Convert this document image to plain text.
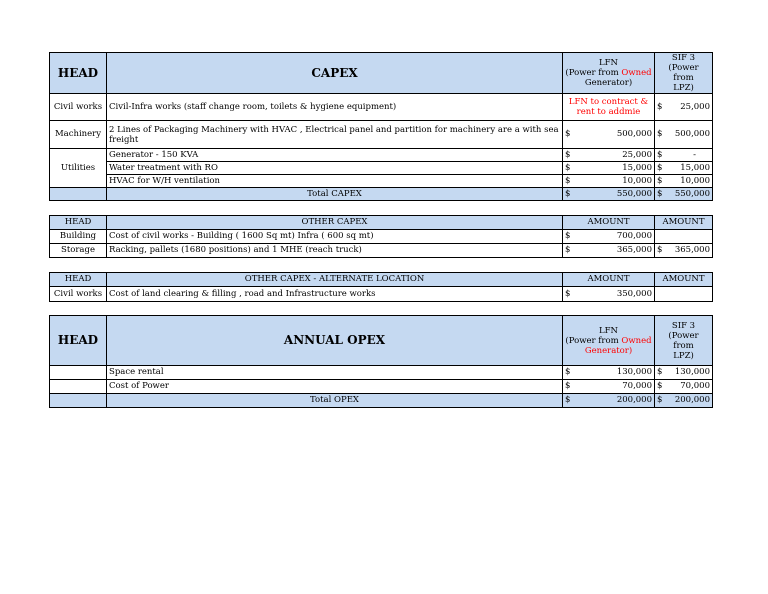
HEAD	CAPEX	LFN
(Power from Owned
Generator)	SIF 3
(Power from
LPZ)

Civil works	Civil-Infra works (staff change room, toilets & hygiene equipment)	LFN to contract & rent to addmie	$ 25,000

Machinery	2 Lines of Packaging Machinery with HVAC , Electrical panel and partition for machinery are a with sea freight	$ 500,000	$ 500,000

Utilities	Generator - 150 KVA	$ 25,000	$ -

	Water treatment with RO	$ 15,000	$ 15,000

	HVAC for W/H ventilation	$ 10,000	$ 10,000

	Total CAPEX	$ 550,000	$ 550,000
HEAD	OTHER CAPEX	AMOUNT	AMOUNT
Building	Cost of civil works - Building ( 1600 Sq mt) Infra ( 600 sq mt)	$ 700,000	

Storage	Racking, pallets (1680 positions) and 1 MHE (reach truck)	$ 365,000	$ 365,000
HEAD	OTHER CAPEX - ALTERNATE LOCATION	AMOUNT	AMOUNT
Civil works	Cost of land clearing & filling , road and Infrastructure works	$ 350,000	

HEAD	ANNUAL OPEX	LFN
(Power from Owned
Generator)	SIF 3
(Power from
LPZ)

	Space rental	$ 130,000	$ 130,000

	Cost of Power	$ 70,000	$ 70,000

	Total OPEX	$ 200,000	$ 200,000
